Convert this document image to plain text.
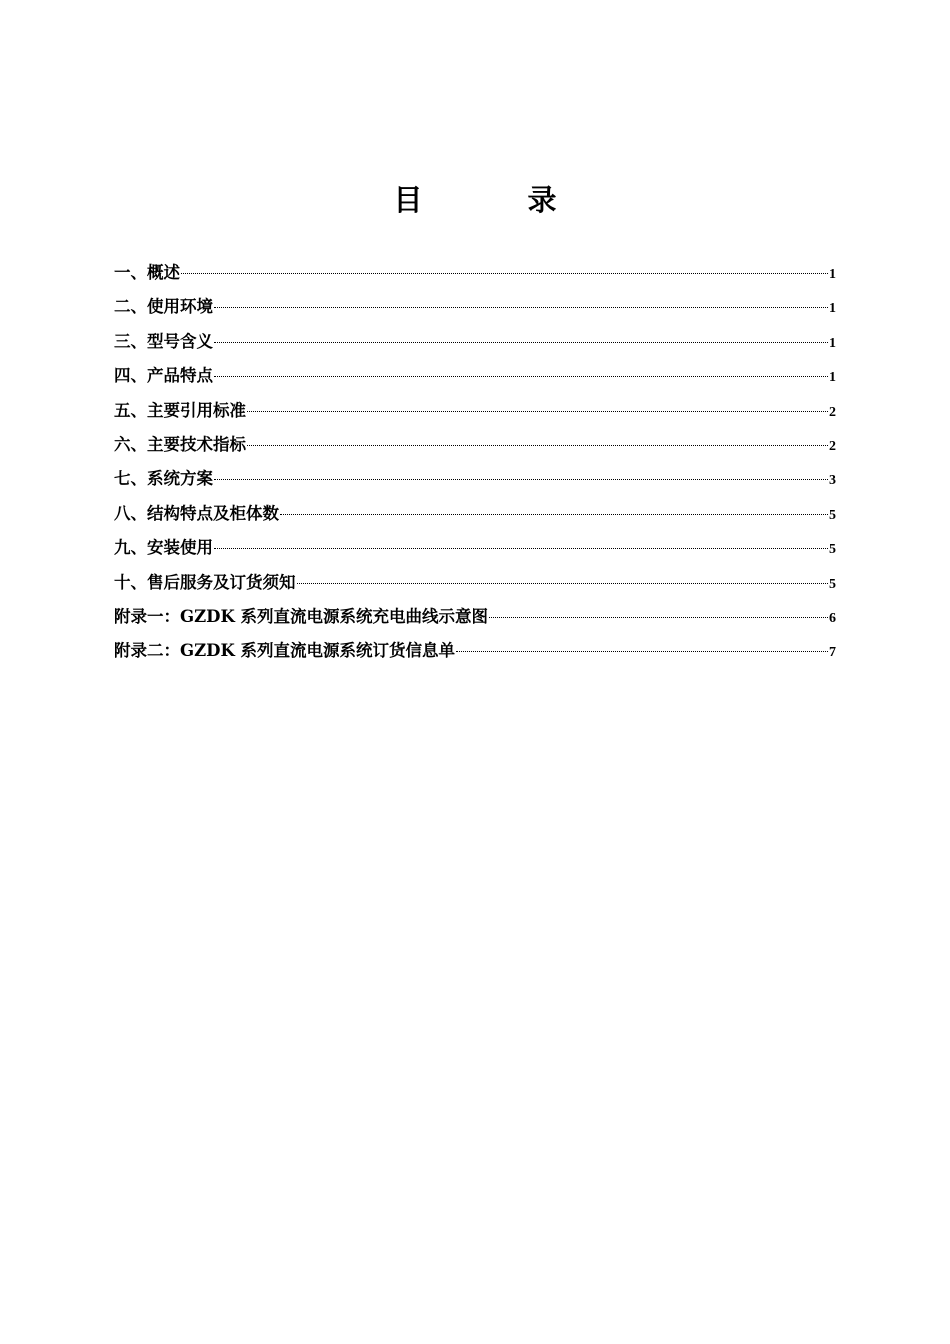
目　录
一、概述	1
二、使用环境	1
三、型号含义	1
四、产品特点	1
五、主要引用标准	2
六、主要技术指标	2
七、系统方案	3
八、结构特点及柜体数	5
九、安装使用	5
十、售后服务及订货须知	5
附录一：GZDK 系列直流电源系统充电曲线示意图	6
附录二：GZDK 系列直流电源系统订货信息单	7
